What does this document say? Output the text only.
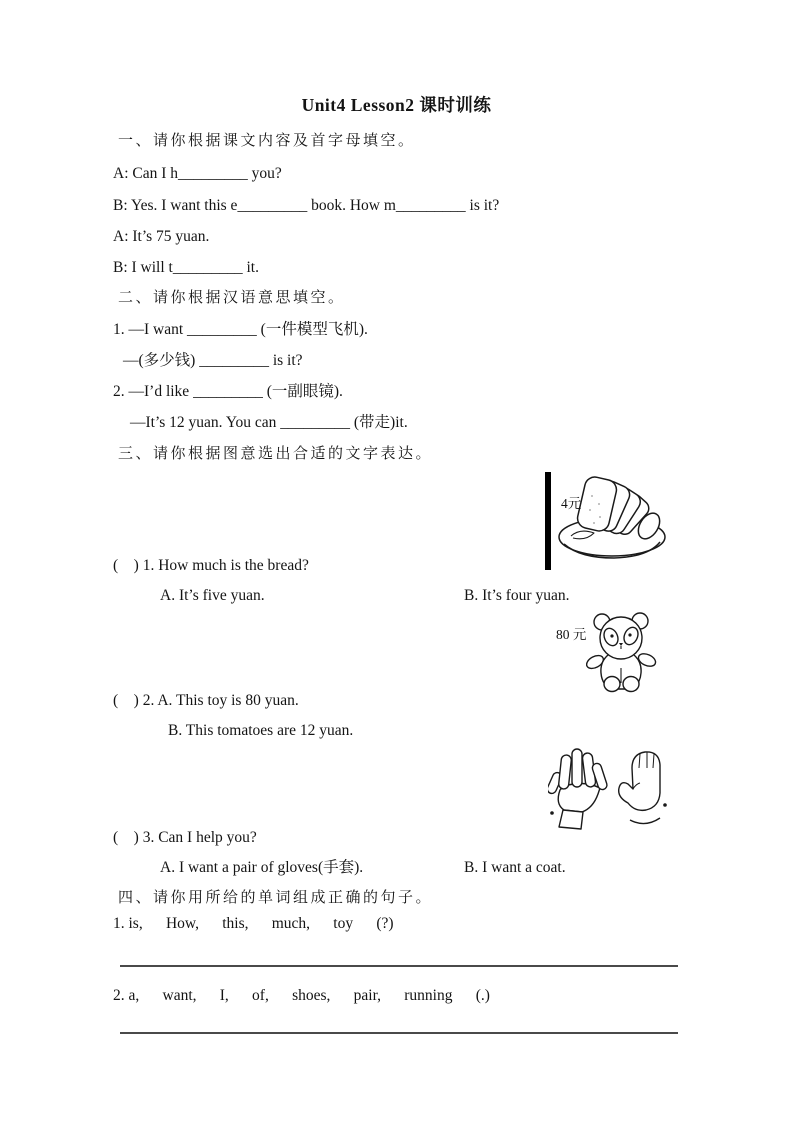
Unit4 Lesson2 课时训练
一、请你根据课文内容及首字母填空。
A: Can I h_________ you?
B: Yes. I want this e_________ book. How m_________ is it?
A: It’s 75 yuan.
B: I will t_________ it.
二、请你根据汉语意思填空。
1. —I want _________ (一件模型飞机).
—(多少钱) _________ is it?
2. —I’d like _________ (一副眼镜).
—It’s 12 yuan. You can _________ (带走)it.
三、请你根据图意选出合适的文字表达。
4元
(    ) 1. How much is the bread?
A. It’s five yuan.	B. It’s four yuan.
80 元
(    ) 2. A. This toy is 80 yuan.
B. This tomatoes are 12 yuan.
(    ) 3. Can I help you?
A. I want a pair of gloves(手套).	B. I want a coat.
四、请你用所给的单词组成正确的句子。
1. is,      How,      this,      much,      toy      (?)
2. a,      want,      I,      of,      shoes,      pair,      running      (.)
